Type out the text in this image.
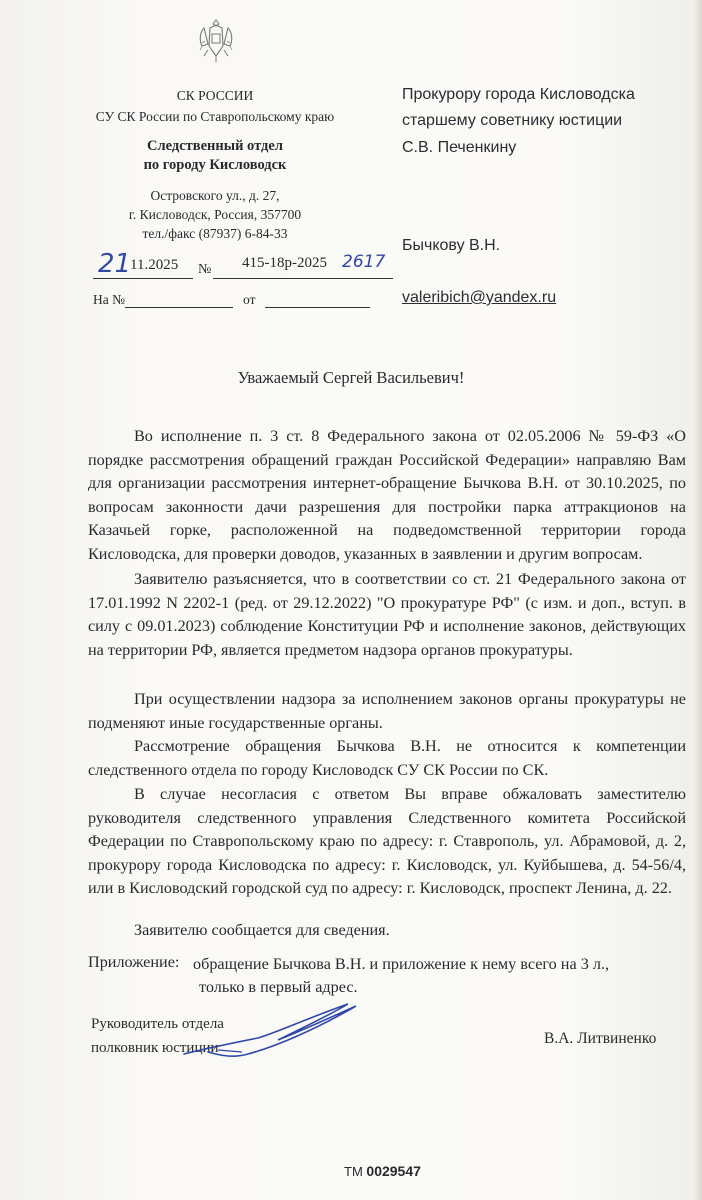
СК РОССИИ
СУ СК России по Ставропольскому краю
Следственный отдел
по городу Кисловодск
Островского ул., д. 27,
г. Кисловодск, Россия, 357700
тел./факс (87937) 6-84-33
Прокурору города Кисловодска
старшему советнику юстиции
С.В. Печенкину
Бычкову В.Н.
valeribich@yandex.ru
21
11.2025 № 415-18р-2025 2617
На №	от
Уважаемый Сергей Васильевич!
Во исполнение п. 3 ст. 8 Федерального закона от 02.05.2006 № 59-ФЗ «О порядке рассмотрения обращений граждан Российской Федерации» направляю Вам для организации рассмотрения интернет-обращение Бычкова В.Н. от 30.10.2025, по вопросам законности дачи разрешения для постройки парка аттракционов на Казачьей горке, расположенной на подведомственной территории города Кисловодска, для проверки доводов, указанных в заявлении и другим вопросам.
Заявителю разъясняется, что в соответствии со ст. 21 Федерального закона от 17.01.1992 N 2202-1 (ред. от 29.12.2022) "О прокуратуре РФ" (с изм. и доп., вступ. в силу с 09.01.2023) соблюдение Конституции РФ и исполнение законов, действующих на территории РФ, является предметом надзора органов прокуратуры.
При осуществлении надзора за исполнением законов органы прокуратуры не подменяют иные государственные органы.
Рассмотрение обращения Бычкова В.Н. не относится к компетенции следственного отдела по городу Кисловодск СУ СК России по СК.
В случае несогласия с ответом Вы вправе обжаловать заместителю руководителя следственного управления Следственного комитета Российской Федерации по Ставропольскому краю по адресу: г. Ставрополь, ул. Абрамовой, д. 2, прокурору города Кисловодска по адресу: г. Кисловодск, ул. Куйбышева, д. 54-56/4, или в Кисловодский городской суд по адресу: г. Кисловодск, проспект Ленина, д. 22.
Заявителю сообщается для сведения.
Приложение: обращение Бычкова В.Н. и приложение к нему всего на 3 л.,
только в первый адрес.
Руководитель отдела
полковник юстиции
В.А. Литвиненко
ТМ 0029547
